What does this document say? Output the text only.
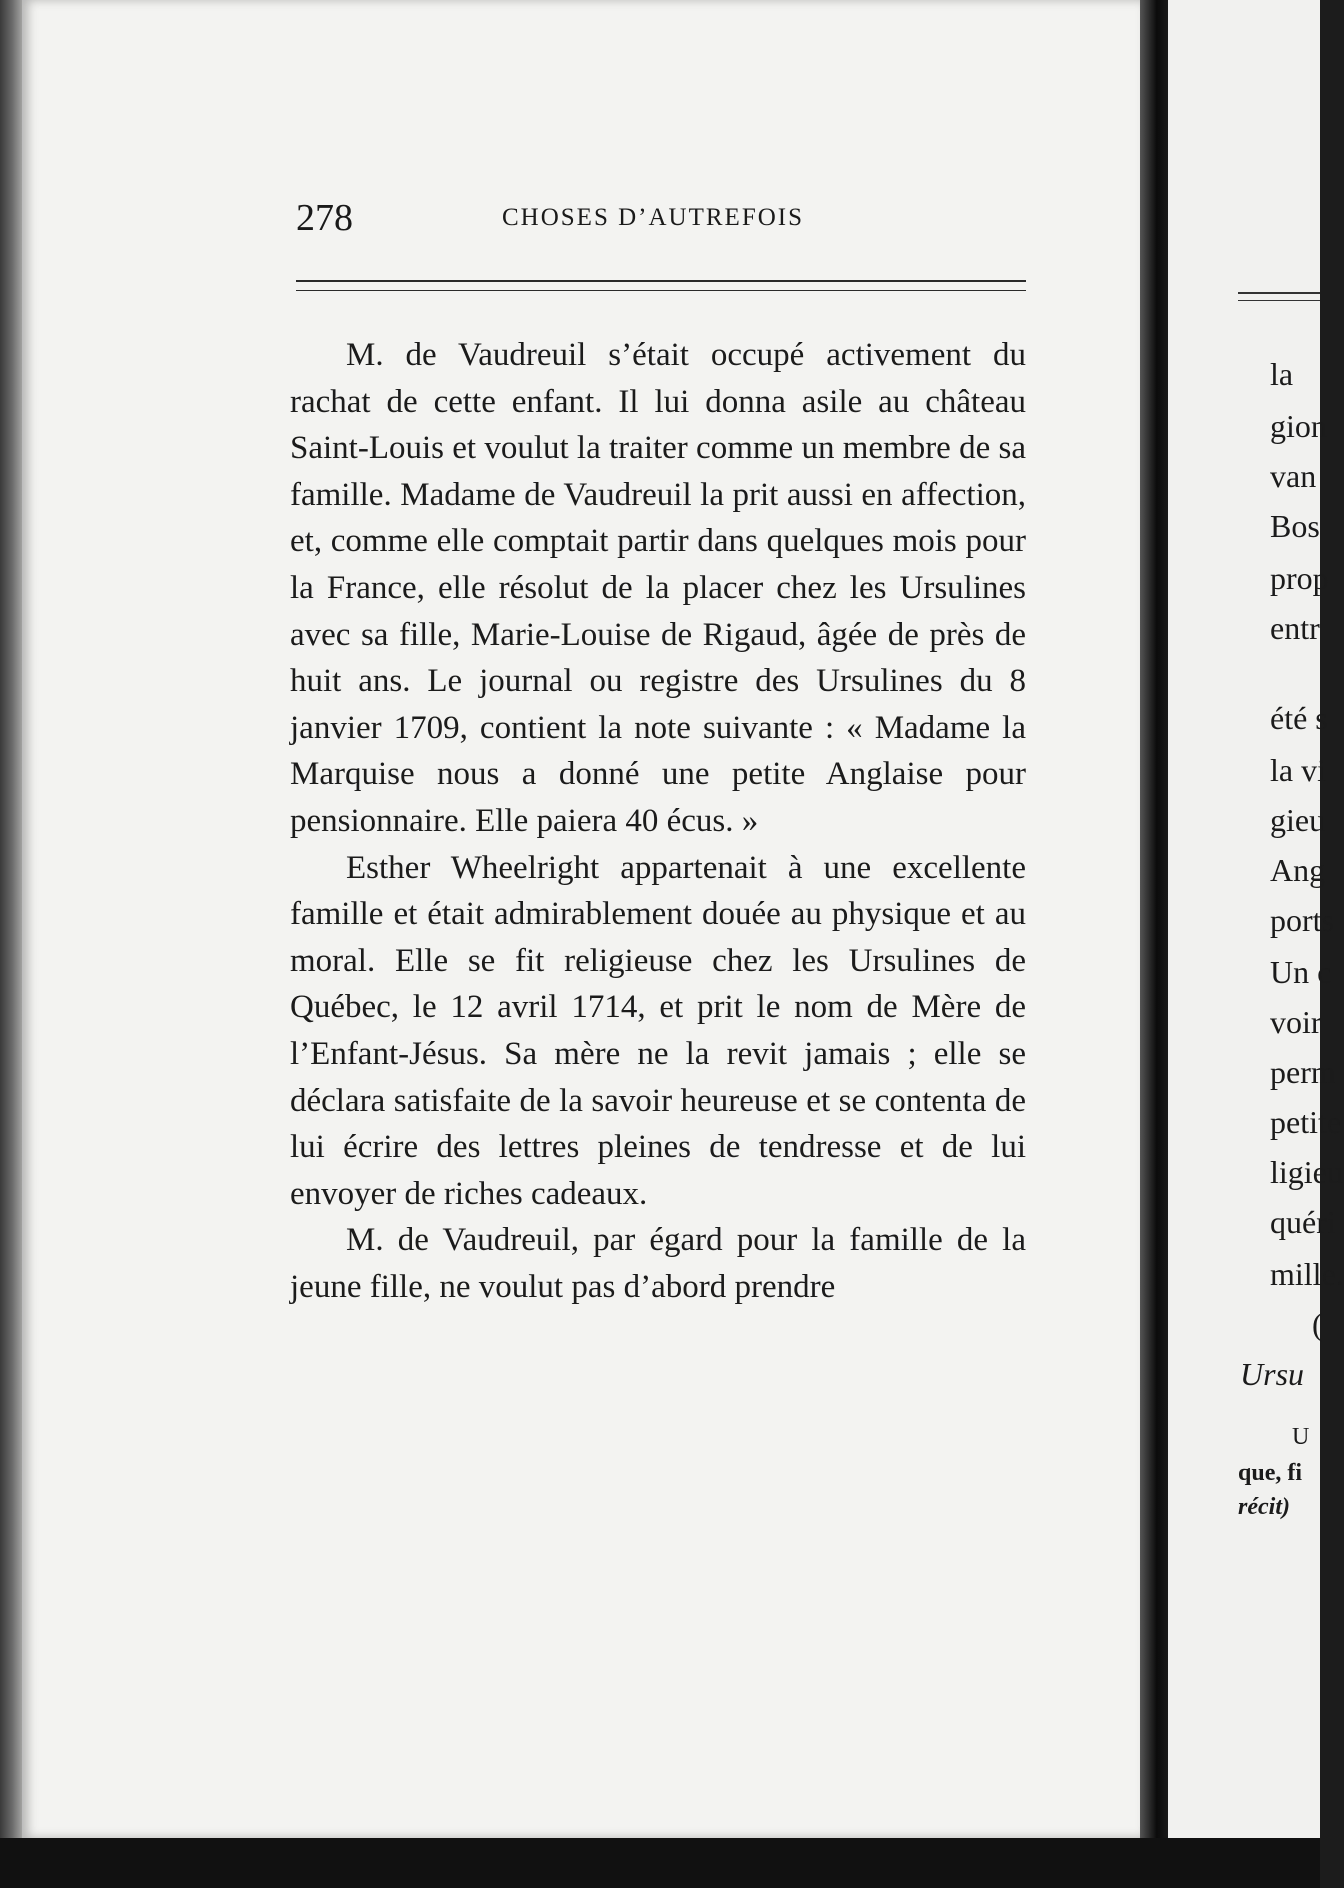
278	CHOSES D’AUTREFOIS

M. de Vaudreuil s’était occupé activement du rachat de cette enfant. Il lui donna asile au château Saint-Louis et voulut la traiter comme un membre de sa famille. Madame de Vaudreuil la prit aussi en affection, et, comme elle comptait partir dans quelques mois pour la France, elle résolut de la placer chez les Ursulines avec sa fille, Marie-Louise de Rigaud, âgée de près de huit ans. Le journal ou registre des Ursulines du 8 janvier 1709, contient la note suivante : « Madame la Marquise nous a donné une petite Anglaise pour pensionnaire. Elle paiera 40 écus. »

Esther Wheelright appartenait à une excellente famille et était admirablement douée au physique et au moral. Elle se fit religieuse chez les Ursulines de Québec, le 12 avril 1714, et prit le nom de Mère de l’Enfant-Jésus. Sa mère ne la revit jamais ; elle se déclara satisfaite de la savoir heureuse et se contenta de lui écrire des lettres pleines de tendresse et de lui envoyer de riches cadeaux.

M. de Vaudreuil, par égard pour la famille de la jeune fille, ne voulut pas d’abord prendre

la
gion
van
Bos
prop
entr
été s
la vi
gieu
Ang
ports
Un c
voir
perm
petite
ligieu
quéri
mille.
(
Ursu
U
que, fi
récit)
